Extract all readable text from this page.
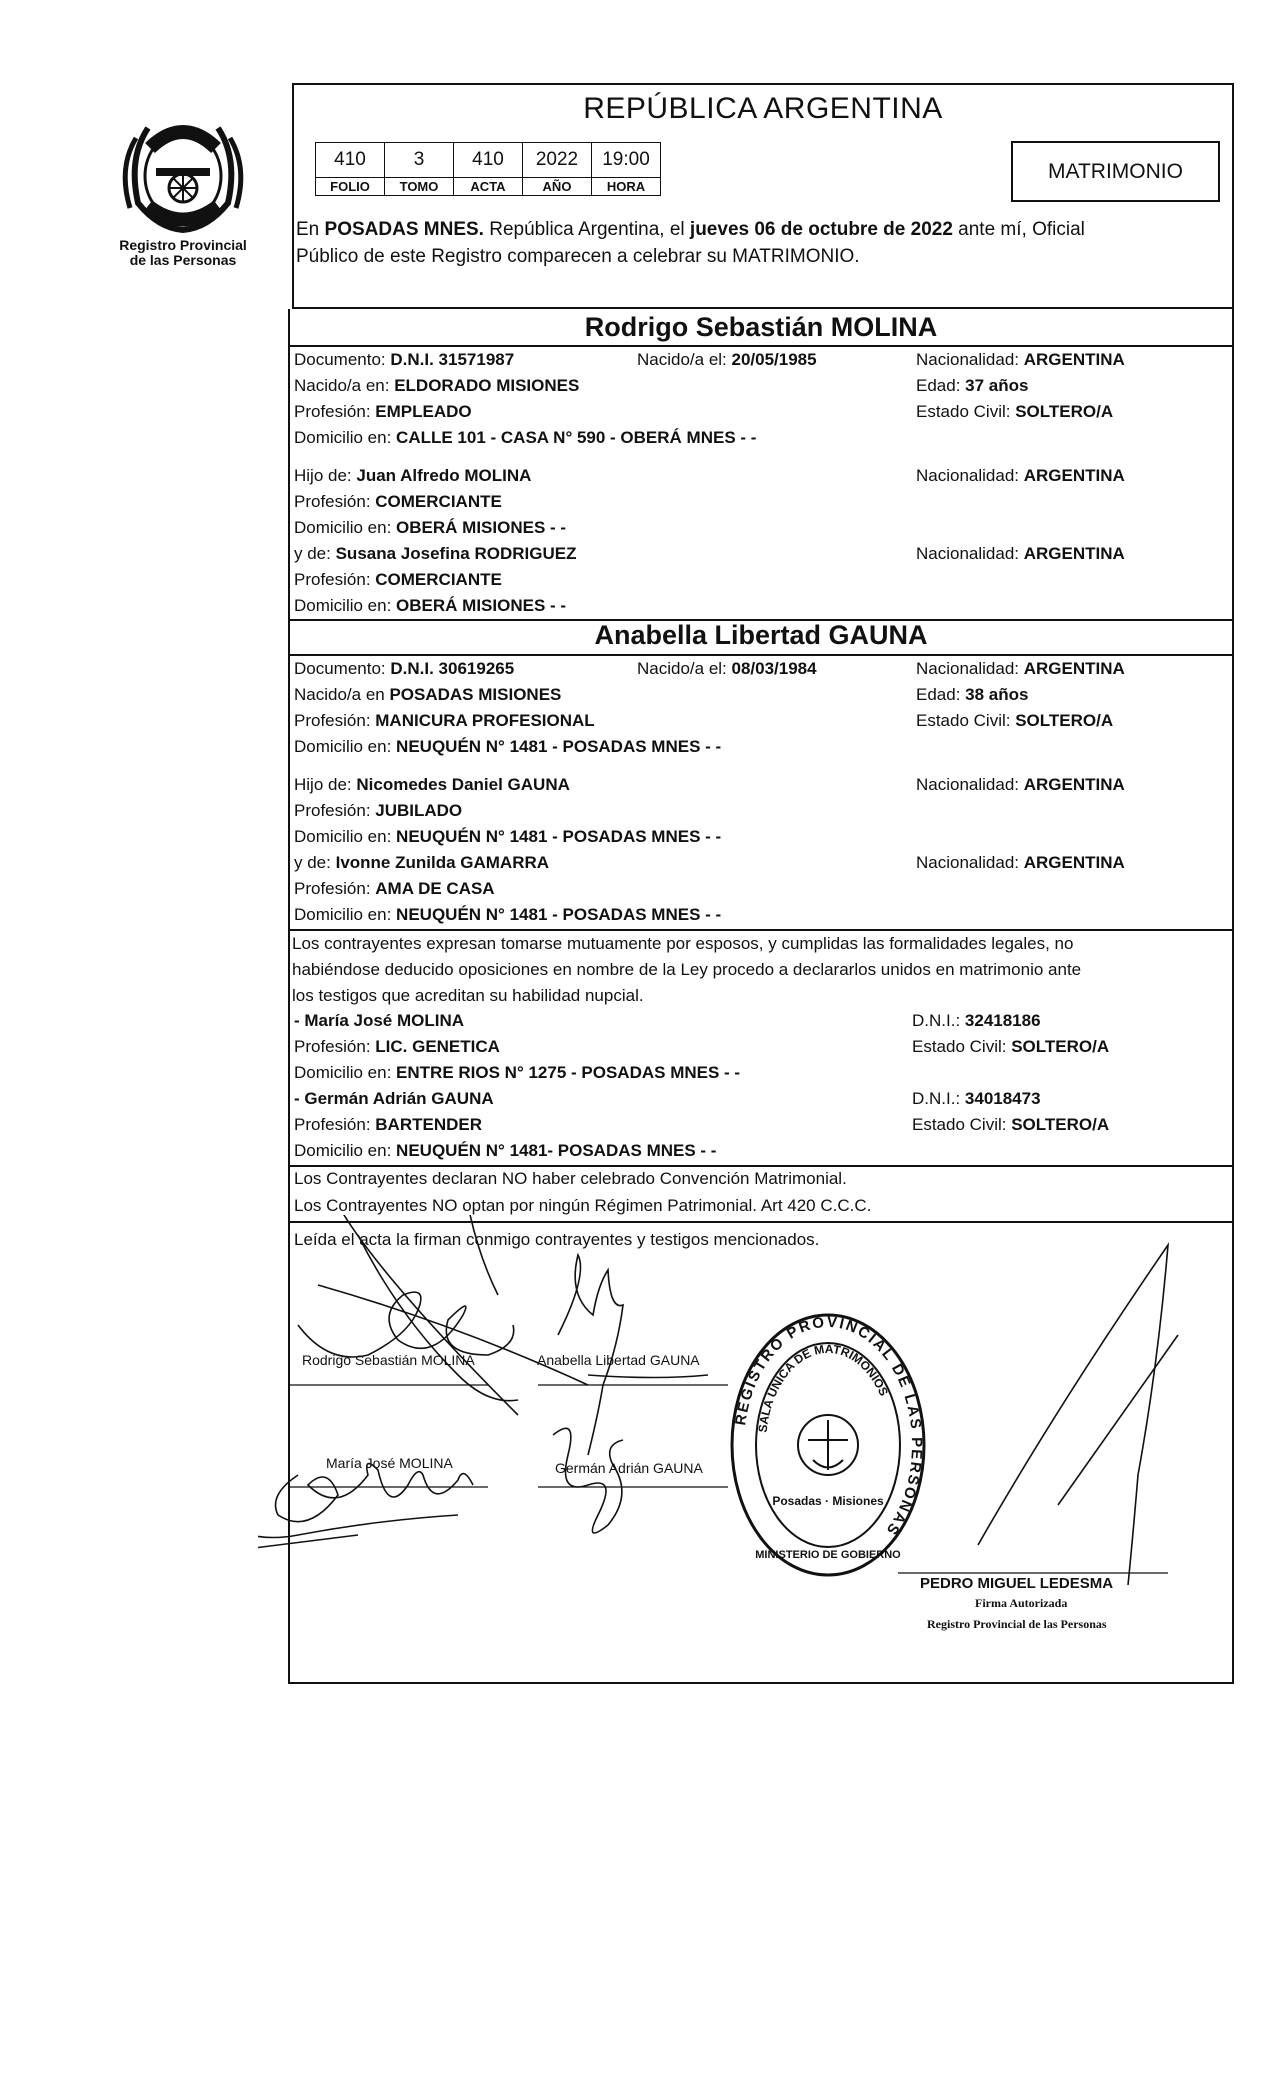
Registro Provincial
de las Personas
REPÚBLICA ARGENTINA
410	3	410	2022	19:00
FOLIO	TOMO	ACTA	AÑO	HORA
MATRIMONIO
En POSADAS MNES. República Argentina, el jueves 06 de octubre de 2022 ante mí, Oficial
Público de este Registro comparecen a celebrar su MATRIMONIO.
Rodrigo Sebastián MOLINA
Documento: D.N.I. 31571987	Nacido/a el: 20/05/1985	Nacionalidad: ARGENTINA
Nacido/a en: ELDORADO MISIONES	Edad: 37 años
Profesión: EMPLEADO	Estado Civil: SOLTERO/A
Domicilio en: CALLE 101 - CASA N° 590 - OBERÁ MNES - -
Hijo de: Juan Alfredo MOLINA	Nacionalidad: ARGENTINA
Profesión: COMERCIANTE
Domicilio en: OBERÁ MISIONES - -
y de: Susana Josefina RODRIGUEZ	Nacionalidad: ARGENTINA
Profesión: COMERCIANTE
Domicilio en: OBERÁ MISIONES - -
Anabella Libertad GAUNA
Documento: D.N.I. 30619265	Nacido/a el: 08/03/1984	Nacionalidad: ARGENTINA
Nacido/a en POSADAS MISIONES	Edad: 38 años
Profesión: MANICURA PROFESIONAL	Estado Civil: SOLTERO/A
Domicilio en: NEUQUÉN N° 1481 - POSADAS MNES - -
Hijo de: Nicomedes Daniel GAUNA	Nacionalidad: ARGENTINA
Profesión: JUBILADO
Domicilio en: NEUQUÉN N° 1481 - POSADAS MNES - -
y de: Ivonne Zunilda GAMARRA	Nacionalidad: ARGENTINA
Profesión: AMA DE CASA
Domicilio en: NEUQUÉN N° 1481 - POSADAS MNES - -
Los contrayentes expresan tomarse mutuamente por esposos, y cumplidas las formalidades legales, no
habiéndose deducido oposiciones en nombre de la Ley procedo a declararlos unidos en matrimonio ante
los testigos que acreditan su habilidad nupcial.
- María José MOLINA	D.N.I.: 32418186
Profesión: LIC. GENETICA	Estado Civil: SOLTERO/A
Domicilio en: ENTRE RIOS N° 1275 - POSADAS MNES - -
- Germán Adrián GAUNA	D.N.I.: 34018473
Profesión: BARTENDER	Estado Civil: SOLTERO/A
Domicilio en: NEUQUÉN N° 1481- POSADAS MNES - -
Los Contrayentes declaran NO haber celebrado Convención Matrimonial.
Los Contrayentes NO optan por ningún Régimen Patrimonial. Art 420 C.C.C.
Leída el acta la firman conmigo contrayentes y testigos mencionados.
Rodrigo Sebastián MOLINA	Anabella Libertad GAUNA
María José MOLINA	Germán Adrián GAUNA
REGISTRO PROVINCIAL DE LAS PERSONAS
SALA ÚNICA DE MATRIMONIOS
Posadas · Misiones
MINISTERIO DE GOBIERNO
PEDRO MIGUEL LEDESMA
Firma Autorizada
Registro Provincial de las Personas
